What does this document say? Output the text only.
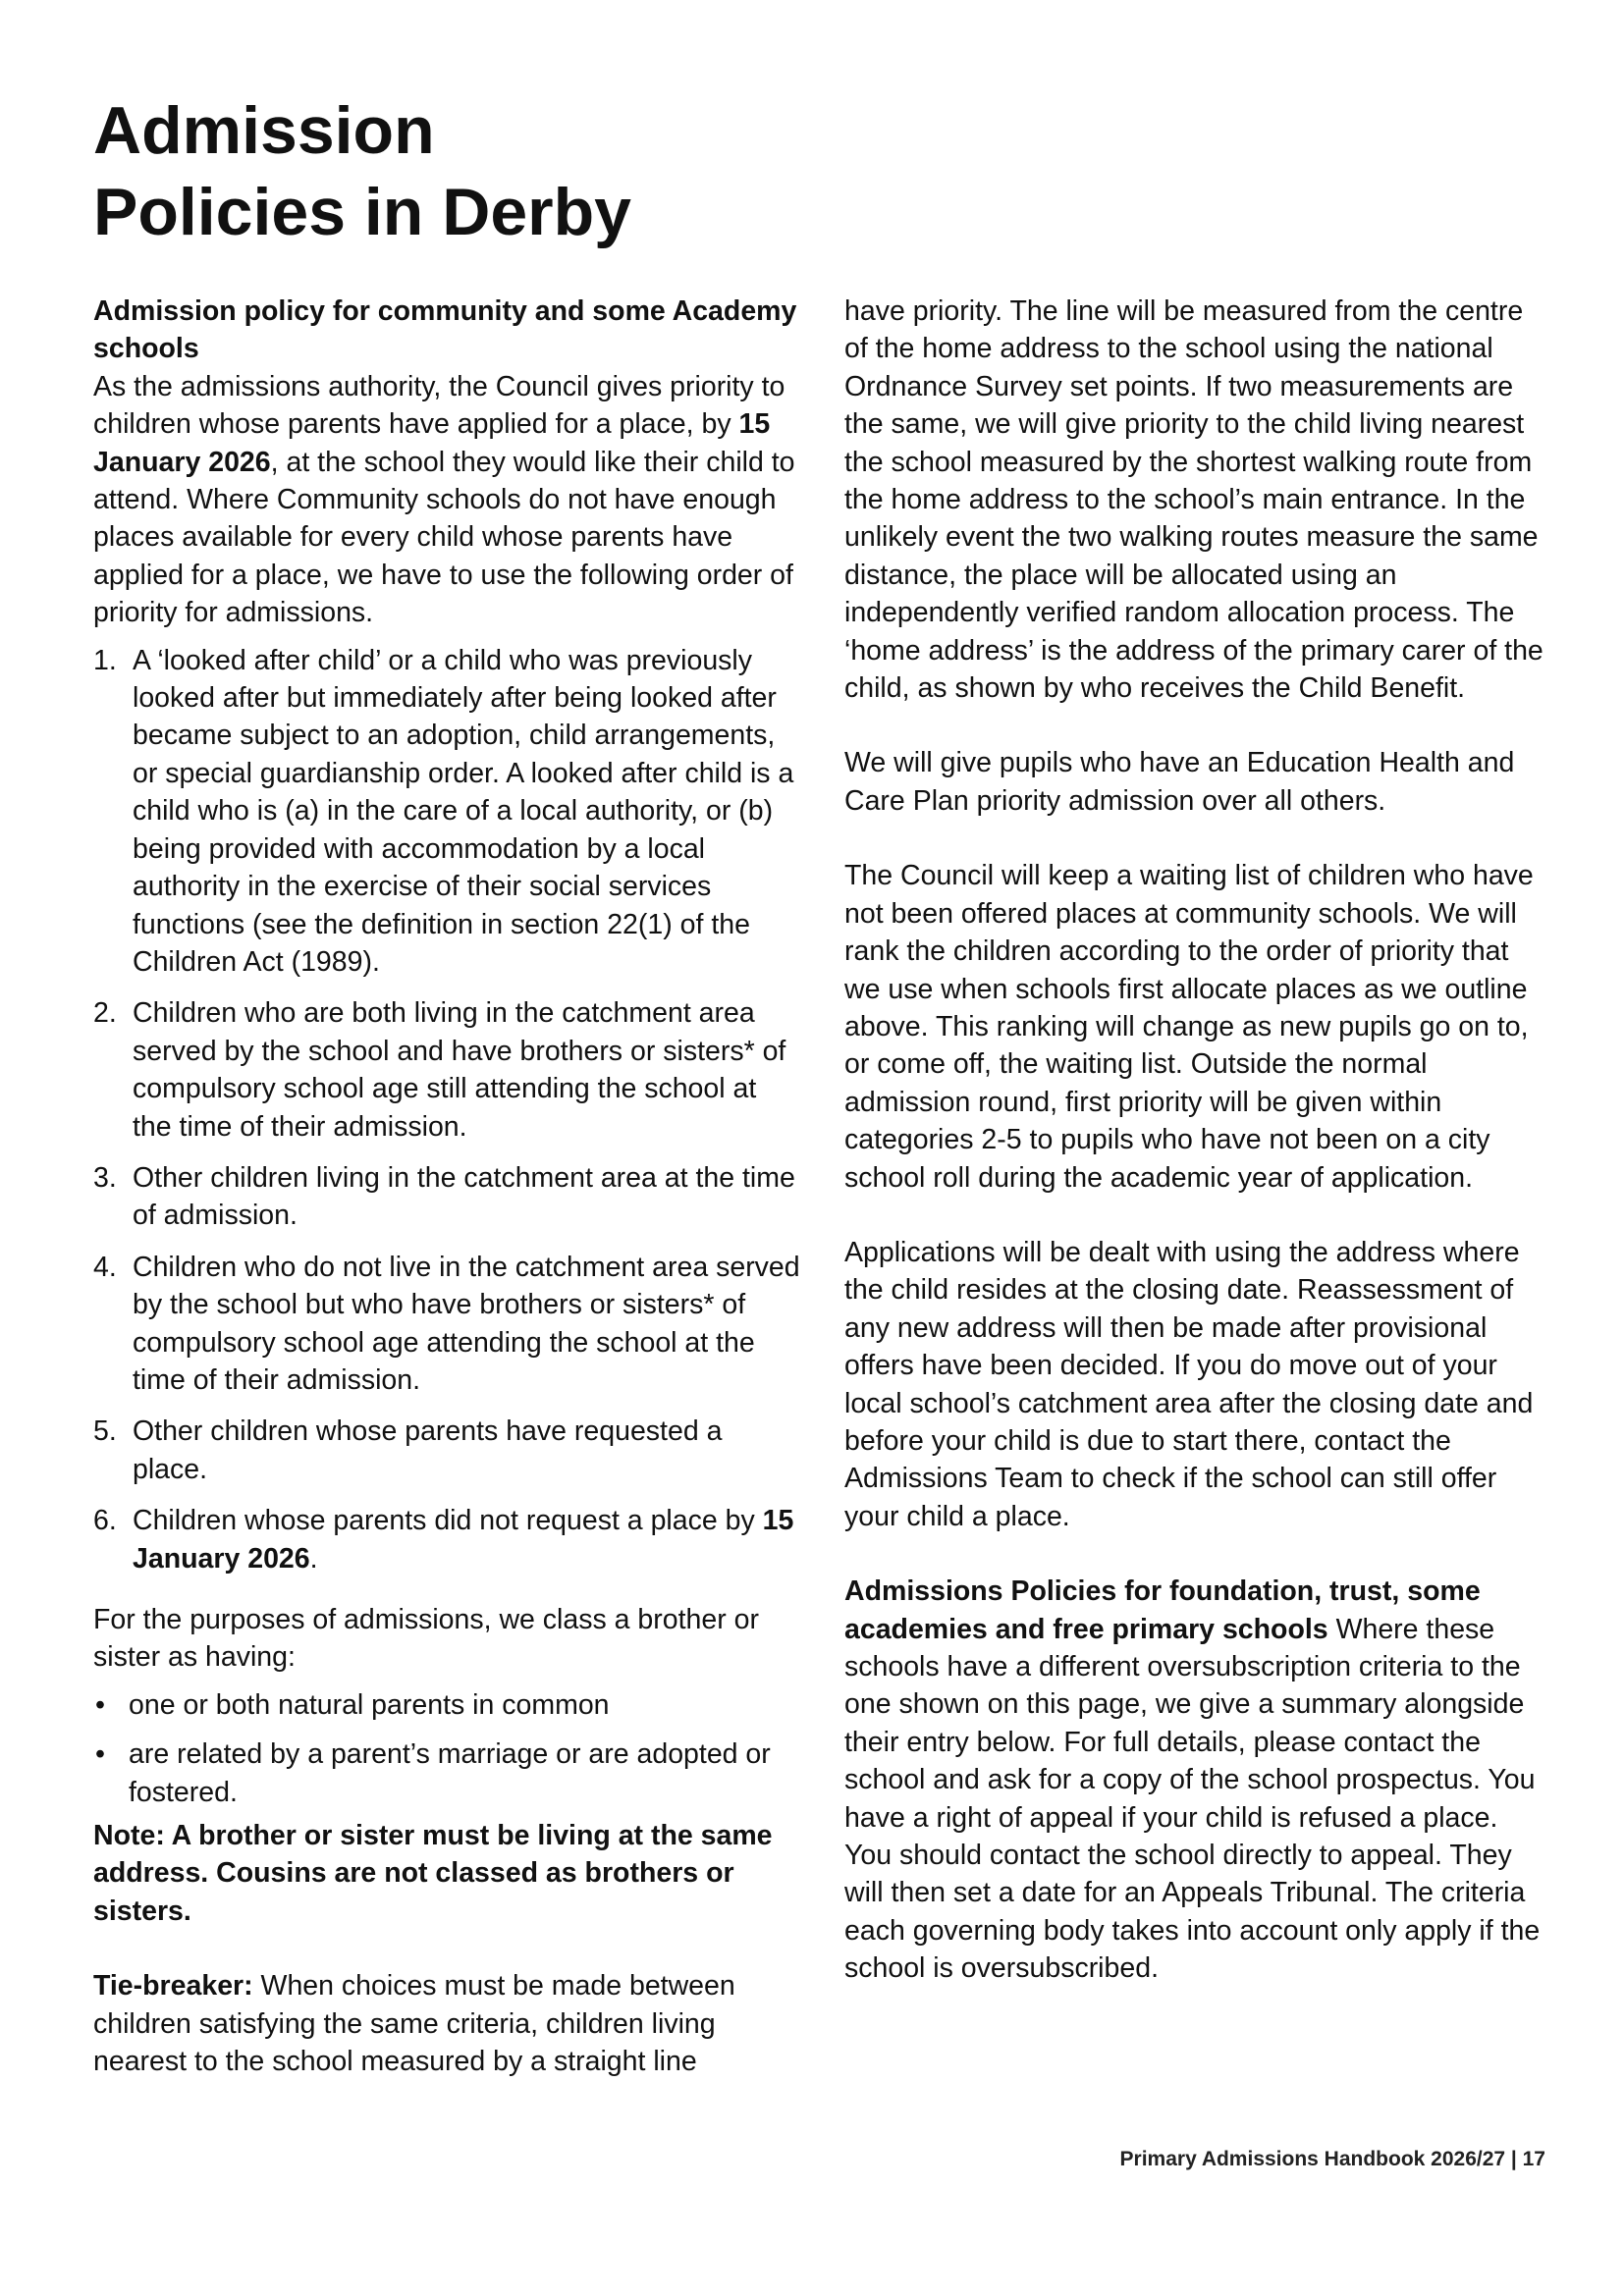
Admission
Policies in Derby

Admission policy for community and some Academy schools

As the admissions authority, the Council gives priority to children whose parents have applied for a place, by 15 January 2026, at the school they would like their child to attend. Where Community schools do not have enough places available for every child whose parents have applied for a place, we have to use the following order of priority for admissions.

1. A ‘looked after child’ or a child who was previously looked after but immediately after being looked after became subject to an adoption, child arrangements, or special guardianship order. A looked after child is a child who is (a) in the care of a local authority, or (b) being provided with accommodation by a local authority in the exercise of their social services functions (see the definition in section 22(1) of the Children Act (1989).
2. Children who are both living in the catchment area served by the school and have brothers or sisters* of compulsory school age still attending the school at the time of their admission.
3. Other children living in the catchment area at the time of admission.
4. Children who do not live in the catchment area served by the school but who have brothers or sisters* of compulsory school age attending the school at the time of their admission.
5. Other children whose parents have requested a place.
6. Children whose parents did not request a place by 15 January 2026.

For the purposes of admissions, we class a brother or sister as having:

• one or both natural parents in common
• are related by a parent’s marriage or are adopted or fostered.

Note: A brother or sister must be living at the same address. Cousins are not classed as brothers or sisters.

Tie-breaker: When choices must be made between children satisfying the same criteria, children living nearest to the school measured by a straight line

have priority. The line will be measured from the centre of the home address to the school using the national Ordnance Survey set points. If two measurements are the same, we will give priority to the child living nearest the school measured by the shortest walking route from the home address to the school’s main entrance. In the unlikely event the two walking routes measure the same distance, the place will be allocated using an independently verified random allocation process. The ‘home address’ is the address of the primary carer of the child, as shown by who receives the Child Benefit.

We will give pupils who have an Education Health and Care Plan priority admission over all others.

The Council will keep a waiting list of children who have not been offered places at community schools. We will rank the children according to the order of priority that we use when schools first allocate places as we outline above. This ranking will change as new pupils go on to, or come off, the waiting list. Outside the normal admission round, first priority will be given within categories 2-5 to pupils who have not been on a city school roll during the academic year of application.

Applications will be dealt with using the address where the child resides at the closing date. Reassessment of any new address will then be made after provisional offers have been decided. If you do move out of your local school’s catchment area after the closing date and before your child is due to start there, contact the Admissions Team to check if the school can still offer your child a place.

Admissions Policies for foundation, trust, some academies and free primary schools Where these schools have a different oversubscription criteria to the one shown on this page, we give a summary alongside their entry below. For full details, please contact the school and ask for a copy of the school prospectus. You have a right of appeal if your child is refused a place. You should contact the school directly to appeal. They will then set a date for an Appeals Tribunal. The criteria each governing body takes into account only apply if the school is oversubscribed.

Primary Admissions Handbook 2026/27 | 17
